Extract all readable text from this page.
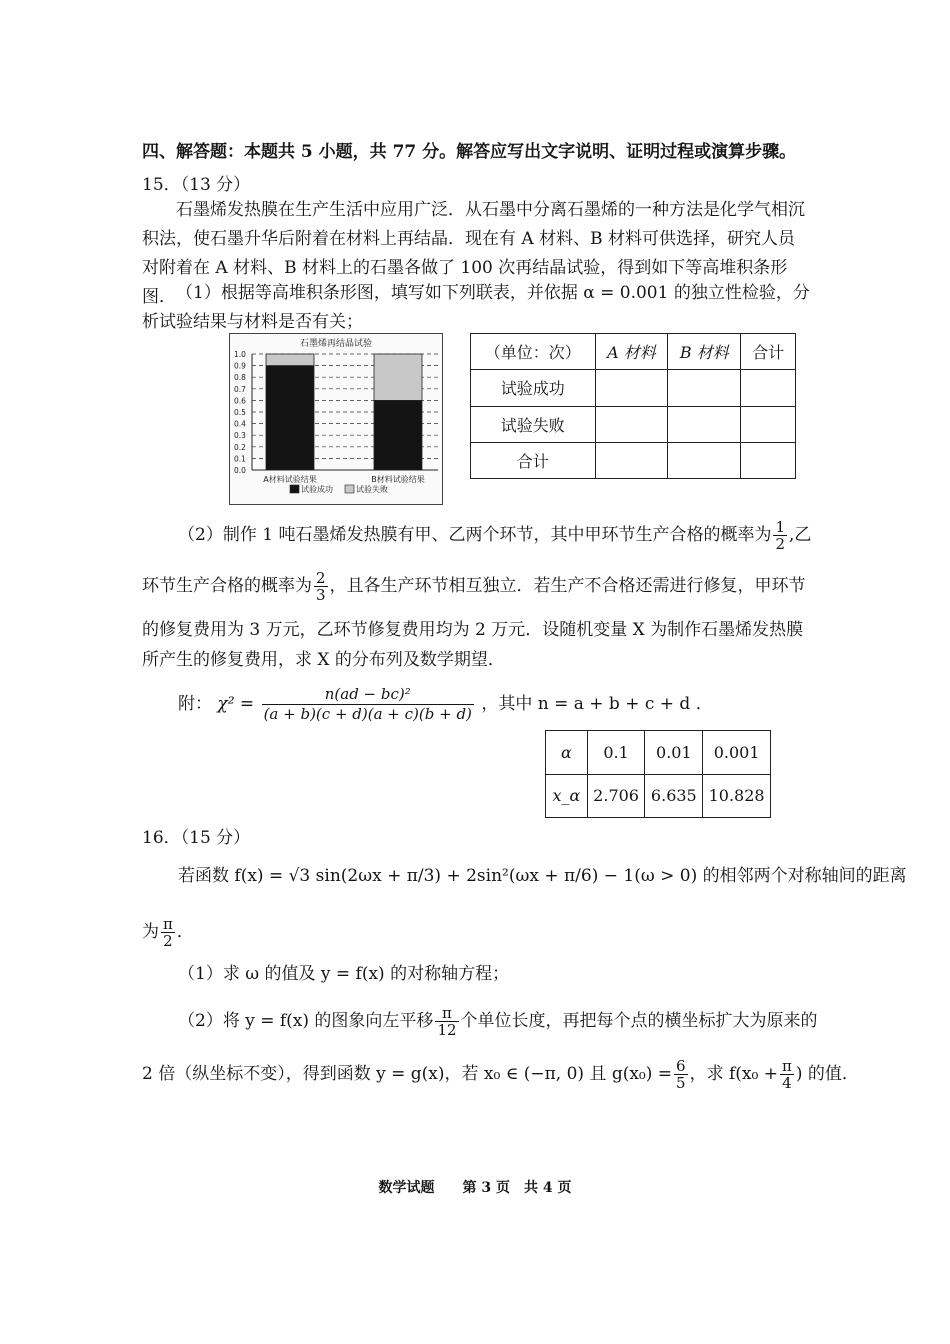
四、解答题：本题共 5 小题，共 77 分。解答应写出文字说明、证明过程或演算步骤。
15．（13 分）
石墨烯发热膜在生产生活中应用广泛．从石墨中分离石墨烯的一种方法是化学气相沉积法，使石墨升华后附着在材料上再结晶．现在有 A 材料、B 材料可供选择，研究人员对附着在 A 材料、B 材料上的石墨各做了 100 次再结晶试验，得到如下等高堆积条形图． （1）根据等高堆积条形图，填写如下列联表，并依据 α = 0.001 的独立性检验，分析试验结果与材料是否有关；
石墨烯再结晶试验
1.0
0.9
0.8
0.7
0.6
0.5
0.4
0.3
0.2
0.1
0.0
A材料试验结果	B材料试验结果
试验成功	试验失败
（单位：次）	A 材料	B 材料	合计
试验成功			
试验失败			
合计			
（2）制作 1 吨石墨烯发热膜有甲、乙两个环节，其中甲环节生产合格的概率为 $\frac{1}{2}$ ,乙
环节生产合格的概率为 $\frac{2}{3}$ ，且各生产环节相互独立．若生产不合格还需进行修复，甲环节
的修复费用为 3 万元，乙环节修复费用均为 2 万元．设随机变量 X 为制作石墨烯发热膜
所产生的修复费用，求 X 的分布列及数学期望．
附： $\chi^2 = \frac{\text{n(ad − bc)²}}{(a + b)(c + d)(a + c)(b + d)}$ ，其中 n = a + b + c + d ．
α	0.1	0.01	0.001
x_α	2.706	6.635	10.828
16．（15 分）
若函数 f(x) = √3 sin(2ωx + π/3) + 2sin²(ωx + π/6) − 1(ω > 0) 的相邻两个对称轴间的距离
为 $\frac{\pi}{2}$ ．
（1）求 ω 的值及 y = f(x) 的对称轴方程；
（2）将 y = f(x) 的图象向左平移 $\frac{\pi}{12}$ 个单位长度，再把每个点的横坐标扩大为原来的
2 倍（纵坐标不变），得到函数 y = g(x)，若 x₀ ∈ (−π, 0) 且 $g(x_0) = \frac{6}{5}$ ，求 $f(x_0 + \frac{\pi}{4}$ ) 的值．
数学试题　　第 3 页　共 4 页
